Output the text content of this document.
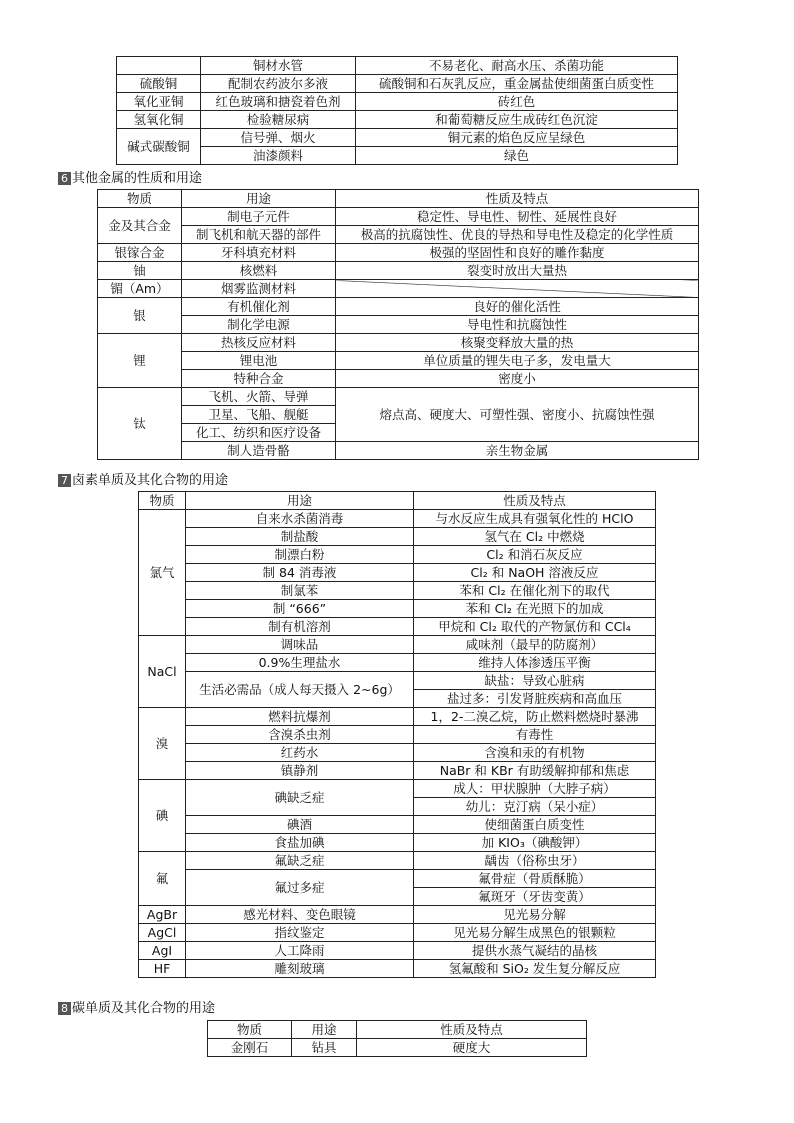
	铜材水管	不易老化、耐高水压、杀菌功能
硫酸铜	配制农药波尔多液	硫酸铜和石灰乳反应，重金属盐使细菌蛋白质变性
氧化亚铜	红色玻璃和搪瓷着色剂	砖红色
氢氧化铜	检验糖尿病	和葡萄糖反应生成砖红色沉淀
碱式碳酸铜	信号弹、烟火	铜元素的焰色反应呈绿色
	油漆颜料	绿色
6 其他金属的性质和用途
物质	用途	性质及特点
金及其合金	制电子元件	稳定性、导电性、韧性、延展性良好
	制飞机和航天器的部件	极高的抗腐蚀性、优良的导热和导电性及稳定的化学性质
银镓合金	牙科填充材料	极强的坚固性和良好的雕作黏度
铀	核燃料	裂变时放出大量热
镅（Am）	烟雾监测材料	
银	有机催化剂	良好的催化活性
	制化学电源	导电性和抗腐蚀性
锂	热核反应材料	核聚变释放大量的热
	锂电池	单位质量的锂失电子多，发电量大
	特种合金	密度小
钛	飞机、火箭、导弹	熔点高、硬度大、可塑性强、密度小、抗腐蚀性强
	卫星、飞船、舰艇	
	化工、纺织和医疗设备	
	制人造骨骼	亲生物金属
7 卤素单质及其化合物的用途
物质	用途	性质及特点
氯气	自来水杀菌消毒	与水反应生成具有强氧化性的 HClO
	制盐酸	氢气在 Cl₂ 中燃烧
	制漂白粉	Cl₂ 和消石灰反应
	制 84 消毒液	Cl₂ 和 NaOH 溶液反应
	制氯苯	苯和 Cl₂ 在催化剂下的取代
	制 “666”	苯和 Cl₂ 在光照下的加成
	制有机溶剂	甲烷和 Cl₂ 取代的产物氯仿和 CCl₄
NaCl	调味品	咸味剂（最早的防腐剂）
	0.9%生理盐水	维持人体渗透压平衡
	生活必需品（成人每天摄入 2~6g）	缺盐：导致心脏病
		盐过多：引发肾脏疾病和高血压
溴	燃料抗爆剂	1，2-二溴乙烷，防止燃料燃烧时暴沸
	含溴杀虫剂	有毒性
	红药水	含溴和汞的有机物
	镇静剂	NaBr 和 KBr 有助缓解抑郁和焦虑
碘	碘缺乏症	成人：甲状腺肿（大脖子病）
		幼儿：克汀病（呆小症）
	碘酒	使细菌蛋白质变性
	食盐加碘	加 KIO₃（碘酸钾）
氟	氟缺乏症	龋齿（俗称虫牙）
	氟过多症	氟骨症（骨质酥脆）
		氟斑牙（牙齿变黄）
AgBr	感光材料、变色眼镜	见光易分解
AgCl	指纹鉴定	见光易分解生成黑色的银颗粒
AgI	人工降雨	提供水蒸气凝结的晶核
HF	雕刻玻璃	氢氟酸和 SiO₂ 发生复分解反应
8 碳单质及其化合物的用途
物质	用途	性质及特点
金刚石	钻具	硬度大
